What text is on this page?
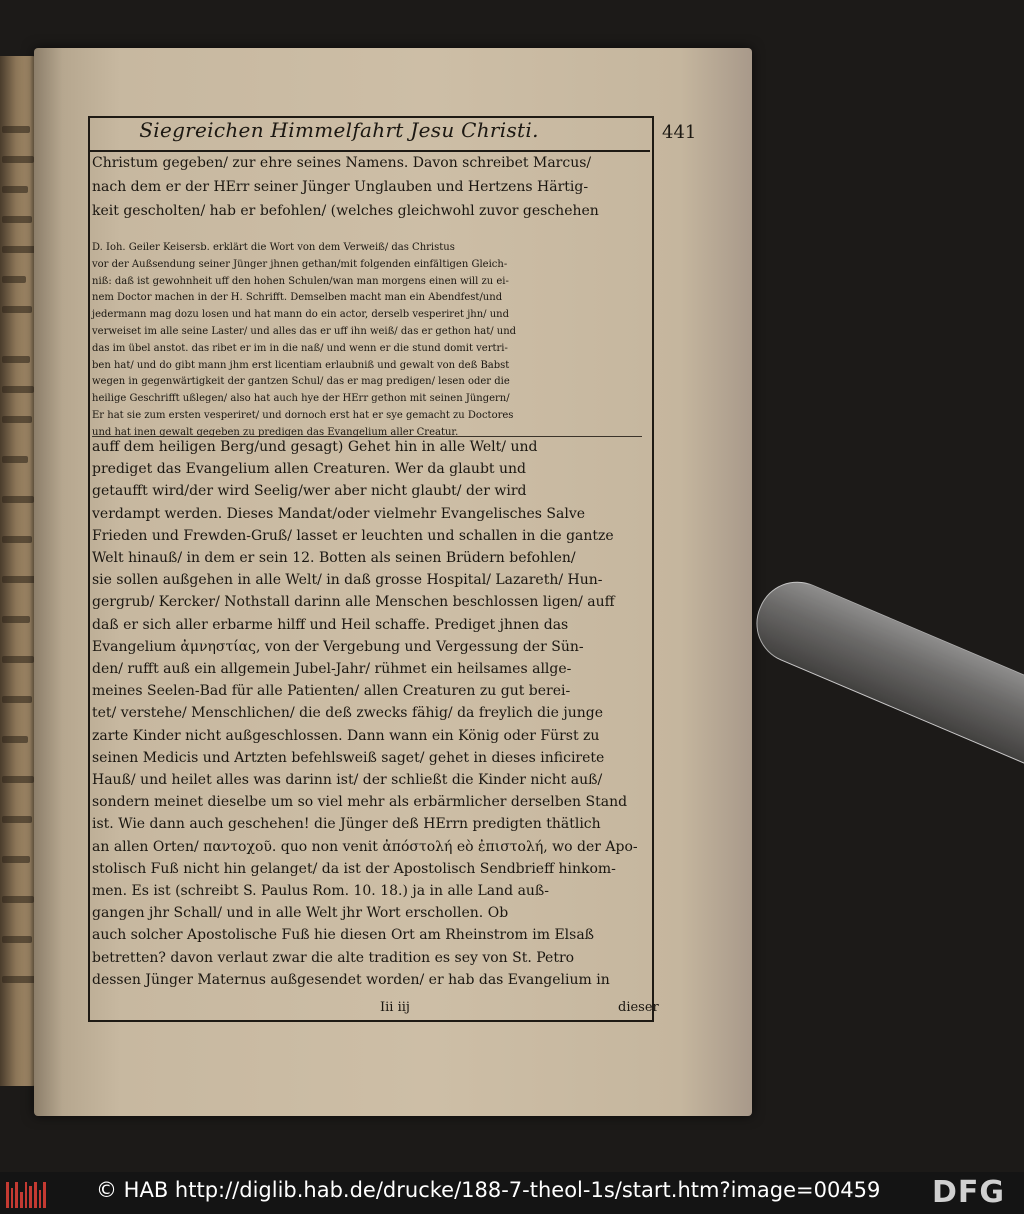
Siegreichen Himmelfahrt Jesu Christi.	441
Christum gegeben/ zur ehre seines Namens. Davon schreibet Marcus/
nach dem er der HErr seiner Jünger Unglauben und Hertzens Härtig-
keit gescholten/ hab er befohlen/ (welches gleichwohl zuvor geschehen
D. Ioh. Geiler Keisersb. erklärt die Wort von dem Verweiß/ das Christus
vor der Außsendung seiner Jünger jhnen gethan/mit folgenden einfältigen Gleich-
niß: daß ist gewohnheit uff den hohen Schulen/wan man morgens einen will zu ei-
nem Doctor machen in der H. Schrifft. Demselben macht man ein Abendfest/und
jedermann mag dozu losen und hat mann do ein actor, derselb vesperiret jhn/ und
verweiset im alle seine Laster/ und alles das er uff ihn weiß/ das er gethon hat/ und
das im übel anstot. das ribet er im in die naß/ und wenn er die stund domit vertri-
ben hat/ und do gibt mann jhm erst licentiam erlaubniß und gewalt von deß Babst
wegen in gegenwärtigkeit der gantzen Schul/ das er mag predigen/ lesen oder die
heilige Geschrifft ußlegen/ also hat auch hye der HErr gethon mit seinen Jüngern/
Er hat sie zum ersten vesperiret/ und dornoch erst hat er sye gemacht zu Doctores
und hat inen gewalt gegeben zu predigen das Evangelium aller Creatur.
auff dem heiligen Berg/und gesagt) Gehet hin in alle Welt/ und
prediget das Evangelium allen Creaturen. Wer da glaubt und
getaufft wird/der wird Seelig/wer aber nicht glaubt/ der wird
verdampt werden. Dieses Mandat/oder vielmehr Evangelisches Salve
Frieden und Frewden-Gruß/ lasset er leuchten und schallen in die gantze
Welt hinauß/ in dem er sein 12. Botten als seinen Brüdern befohlen/
sie sollen außgehen in alle Welt/ in daß grosse Hospital/ Lazareth/ Hun-
gergrub/ Kercker/ Nothstall darinn alle Menschen beschlossen ligen/ auff
daß er sich aller erbarme hilff und Heil schaffe. Prediget jhnen das
Evangelium ἀμνηστίας, von der Vergebung und Vergessung der Sün-
den/ rufft auß ein allgemein Jubel-Jahr/ rühmet ein heilsames allge-
meines Seelen-Bad für alle Patienten/ allen Creaturen zu gut berei-
tet/ verstehe/ Menschlichen/ die deß zwecks fähig/ da freylich die junge
zarte Kinder nicht außgeschlossen. Dann wann ein König oder Fürst zu
seinen Medicis und Artzten befehlsweiß saget/ gehet in dieses inficirete
Hauß/ und heilet alles was darinn ist/ der schließt die Kinder nicht auß/
sondern meinet dieselbe um so viel mehr als erbärmlicher derselben Stand
ist. Wie dann auch geschehen! die Jünger deß HErrn predigten thätlich
an allen Orten/ παντοχοῦ. quo non venit ἀπόστολή eò ἐπιστολή, wo der Apo-
stolisch Fuß nicht hin gelanget/ da ist der Apostolisch Sendbrieff hinkom-
men. Es ist (schreibt S. Paulus Rom. 10. 18.) ja in alle Land auß-
gangen jhr Schall/ und in alle Welt jhr Wort erschollen. Ob
auch solcher Apostolische Fuß hie diesen Ort am Rheinstrom im Elsaß
betretten? davon verlaut zwar die alte tradition es sey von St. Petro
dessen Jünger Maternus außgesendet worden/ er hab das Evangelium in
Iii iij	dieser
© HAB http://diglib.hab.de/drucke/188-7-theol-1s/start.htm?image=00459 DFG
